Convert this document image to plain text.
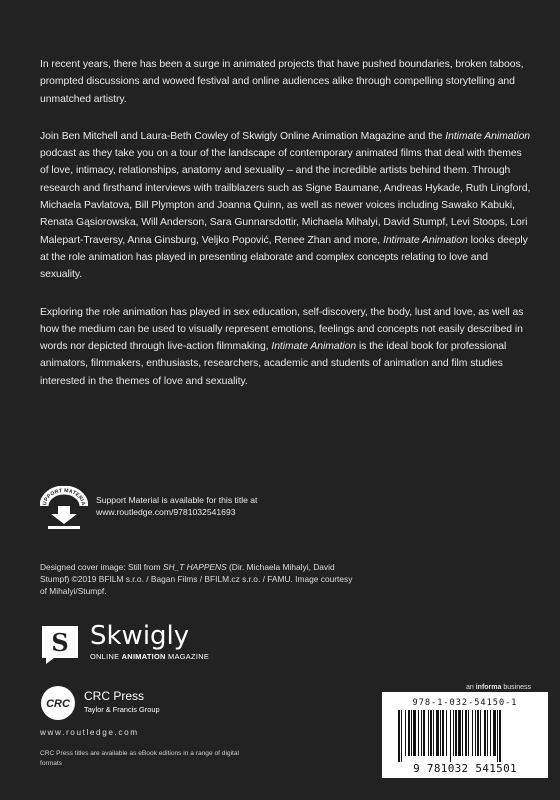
In recent years, there has been a surge in animated projects that have pushed boundaries, broken taboos, prompted discussions and wowed festival and online audiences alike through compelling storytelling and unmatched artistry.

Join Ben Mitchell and Laura-Beth Cowley of Skwigly Online Animation Magazine and the Intimate Animation podcast as they take you on a tour of the landscape of contemporary animated films that deal with themes of love, intimacy, relationships, anatomy and sexuality – and the incredible artists behind them. Through research and firsthand interviews with trailblazers such as Signe Baumane, Andreas Hykade, Ruth Lingford, Michaela Pavlatova, Bill Plympton and Joanna Quinn, as well as newer voices including Sawako Kabuki, Renata Gąsiorowska, Will Anderson, Sara Gunnarsdottir, Michaela Mihalyi, David Stumpf, Levi Stoops, Lori Malepart-Traversy, Anna Ginsburg, Veljko Popović, Renee Zhan and more, Intimate Animation looks deeply at the role animation has played in presenting elaborate and complex concepts relating to love and sexuality.

Exploring the role animation has played in sex education, self-discovery, the body, lust and love, as well as how the medium can be used to visually represent emotions, feelings and concepts not easily described in words nor depicted through live-action filmmaking, Intimate Animation is the ideal book for professional animators, filmmakers, enthusiasts, researchers, academic and students of animation and film studies interested in the themes of love and sexuality.

UPPORT MATERIA Support Material is available for this title at
www.routledge.com/9781032541693
Designed cover image: Still from SH_T HAPPENS (Dir. Michaela Mihalyi, David Stumpf) ©2019 BFILM s.r.o. / Bagan Films / BFILM.cz s.r.o. / FAMU. Image courtesy of Mihalyi/Stumpf.
S Skwigly
ONLINE ANIMATION MAGAZINE
CRC
CRC Press
Taylor & Francis Group
www.routledge.com
CRC Press titles are available as eBook editions in a range of digital formats
an informa business
978-1-032-54150-1
9 781032 541501
